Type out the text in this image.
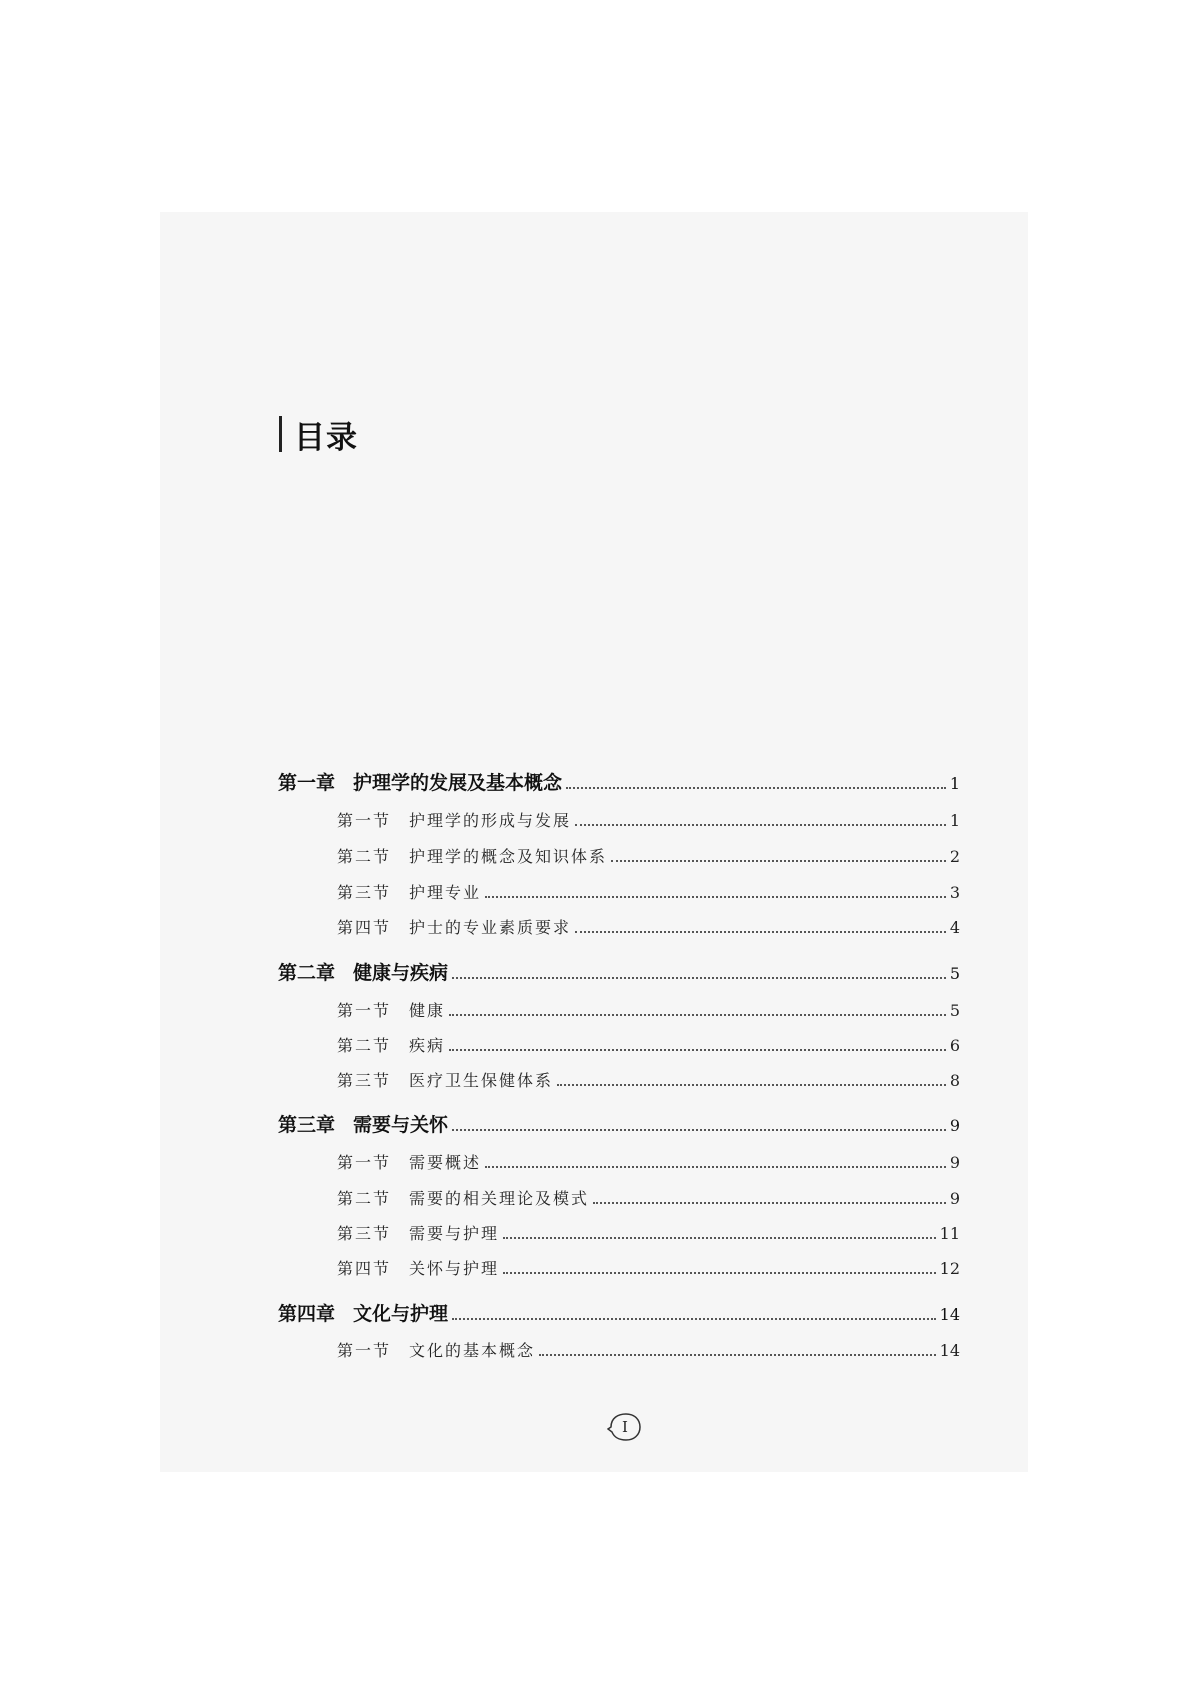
目录
第一章 护理学的发展及基本概念	1
第一节	护理学的形成与发展	1
第二节	护理学的概念及知识体系	2
第三节	护理专业	3
第四节	护士的专业素质要求	4
第二章 健康与疾病	5
第一节	健康	5
第二节	疾病	6
第三节	医疗卫生保健体系	8
第三章 需要与关怀	9
第一节	需要概述	9
第二节	需要的相关理论及模式	9
第三节	需要与护理	11
第四节	关怀与护理	12
第四章 文化与护理	14
第一节	文化的基本概念	14
I
